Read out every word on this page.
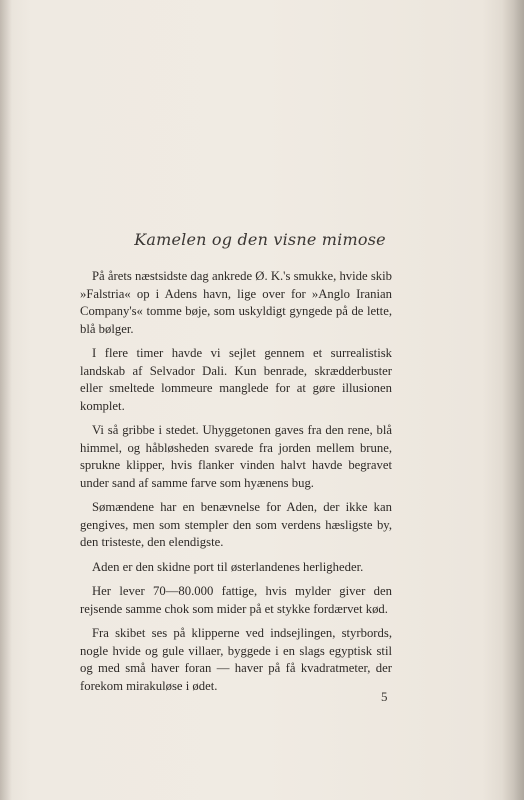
Kamelen og den visne mimose

På årets næstsidste dag ankrede Ø. K.'s smukke, hvide skib »Falstria« op i Adens havn, lige over for »Anglo Iranian Company's« tomme bøje, som uskyldigt gyngede på de lette, blå bølger.

I flere timer havde vi sejlet gennem et surrealistisk landskab af Selvador Dali. Kun benrade, skrædderbuster eller smeltede lommeure manglede for at gøre illusionen komplet.

Vi så gribbe i stedet. Uhyggetonen gaves fra den rene, blå himmel, og håbløsheden svarede fra jorden mellem brune, sprukne klipper, hvis flanker vinden halvt havde begravet under sand af samme farve som hyænens bug.

Sømændene har en benævnelse for Aden, der ikke kan gengives, men som stempler den som verdens hæsligste by, den tristeste, den elendigste.

Aden er den skidne port til østerlandenes herligheder.

Her lever 70—80.000 fattige, hvis mylder giver den rejsende samme chok som mider på et stykke fordærvet kød.

Fra skibet ses på klipperne ved indsejlingen, styrbords, nogle hvide og gule villaer, byggede i en slags egyptisk stil og med små haver foran — haver på få kvadratmeter, der forekom mirakuløse i ødet.

5
